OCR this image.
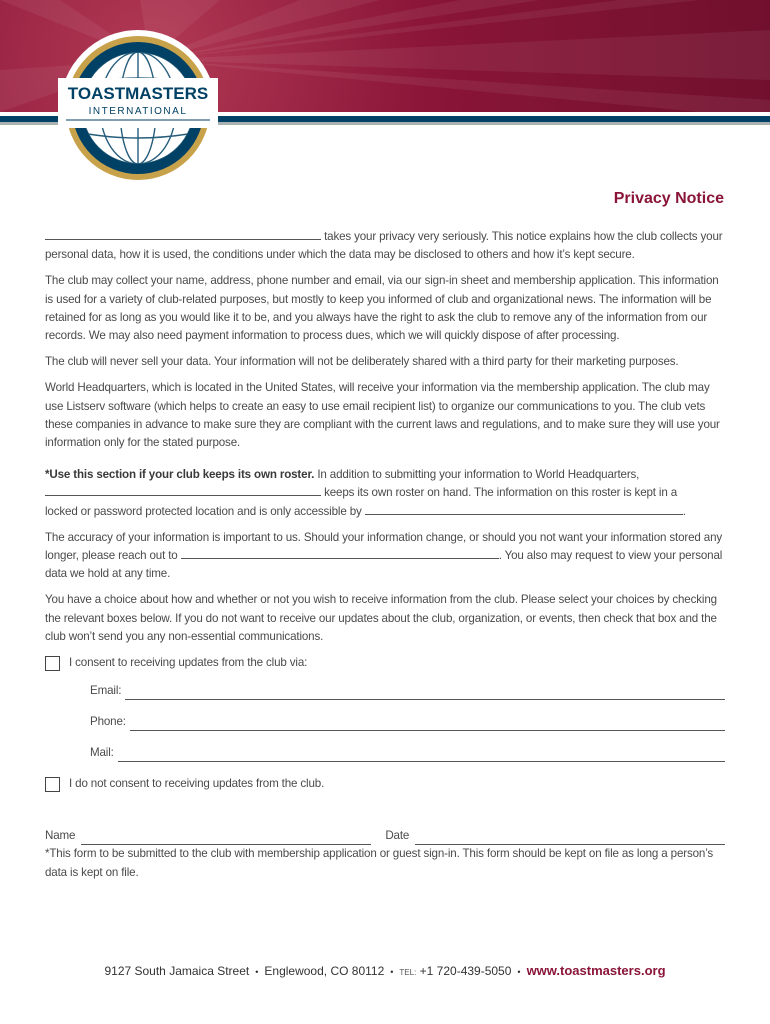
TOASTMASTERS
INTERNATIONAL
Privacy Notice

takes your privacy very seriously. This notice explains how the club collects your personal data, how it is used, the conditions under which the data may be disclosed to others and how it’s kept secure.

The club may collect your name, address, phone number and email, via our sign-in sheet and membership application. This information is used for a variety of club-related purposes, but mostly to keep you informed of club and organizational news. The information will be retained for as long as you would like it to be, and you always have the right to ask the club to remove any of the information from our records. We may also need payment information to process dues, which we will quickly dispose of after processing.

The club will never sell your data. Your information will not be deliberately shared with a third party for their marketing purposes.

World Headquarters, which is located in the United States, will receive your information via the membership application. The club may use Listserv software (which helps to create an easy to use email recipient list) to organize our communications to you. The club vets these companies in advance to make sure they are compliant with the current laws and regulations, and to make sure they will use your information only for the stated purpose.

*Use this section if your club keeps its own roster. In addition to submitting your information to World Headquarters,
keeps its own roster on hand. The information on this roster is kept in a
locked or password protected location and is only accessible by	.

The accuracy of your information is important to us. Should your information change, or should you not want your information stored any longer, please reach out to	. You also may request to view your personal data we hold at any time.

You have a choice about how and whether or not you wish to receive information from the club. Please select your choices by checking the relevant boxes below. If you do not want to receive our updates about the club, organization, or events, then check that box and the club won’t send you any non-essential communications.

I consent to receiving updates from the club via:
Email:
Phone:
Mail:
I do not consent to receiving updates from the club.
Name	Date

*This form to be submitted to the club with membership application or guest sign-in. This form should be kept on file as long a person’s data is kept on file.

9127 South Jamaica Street • Englewood, CO 80112 • TEL: +1 720-439-5050 • www.toastmasters.org
